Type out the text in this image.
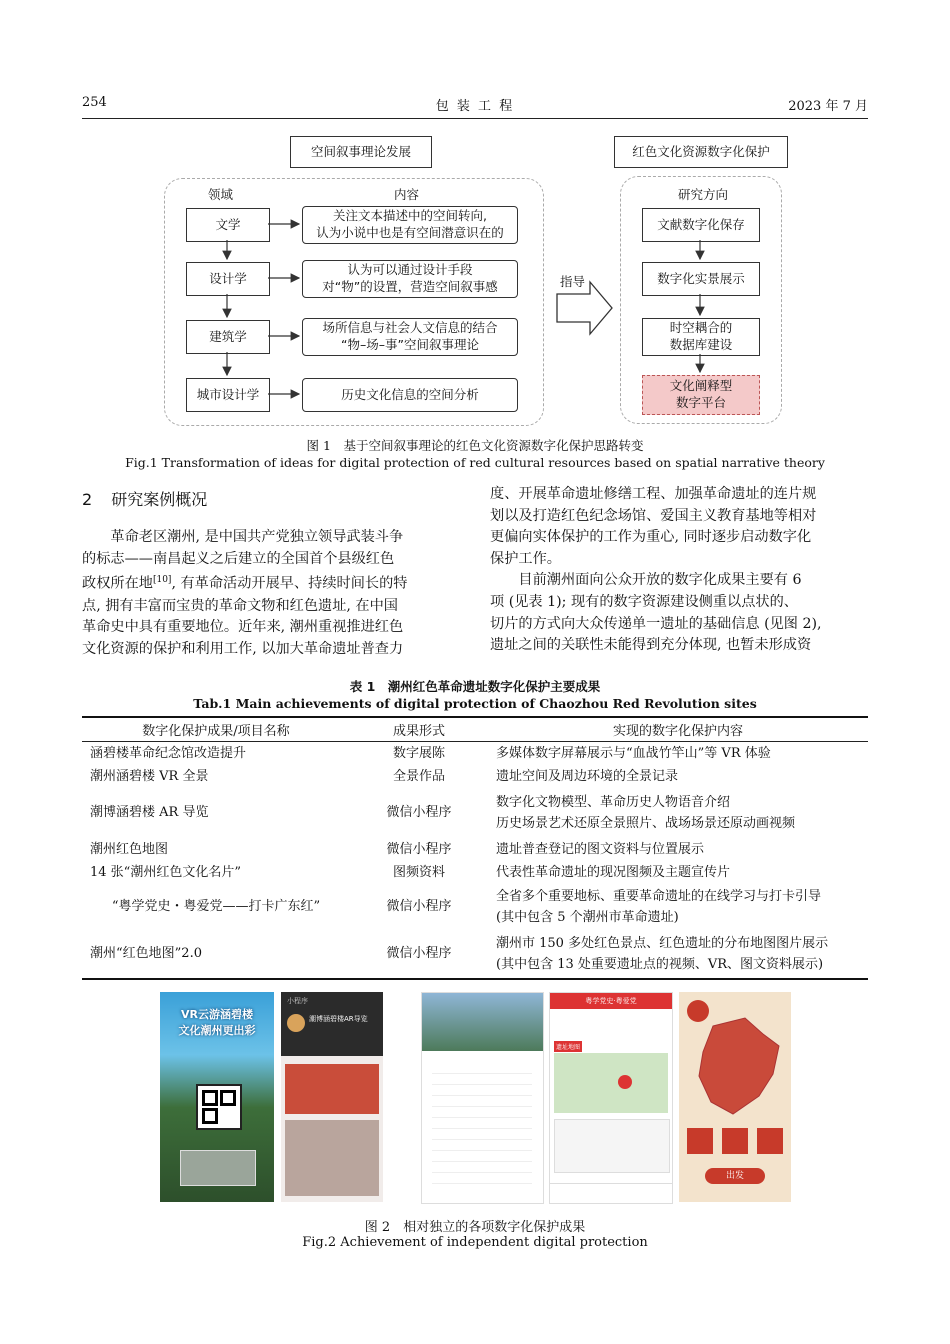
254	包 装 工 程	2023 年 7 月
空间叙事理论发展	红色文化资源数字化保护
领域	内容	研究方向
文学
设计学
建筑学
城市设计学
关注文本描述中的空间转向,
认为小说中也是有空间潜意识在的
认为可以通过设计手段
对“物”的设置，营造空间叙事感
场所信息与社会人文信息的结合
“物–场–事”空间叙事理论
历史文化信息的空间分析
文献数字化保存
数字化实景展示
时空耦合的
数据库建设
文化阐释型
数字平台
指导
图 1　基于空间叙事理论的红色文化资源数字化保护思路转变
Fig.1 Transformation of ideas for digital protection of red cultural resources based on spatial narrative theory
2 研究案例概况
　　革命老区潮州, 是中国共产党独立领导武装斗争
的标志——南昌起义之后建立的全国首个县级红色
政权所在地[10], 有革命活动开展早、持续时间长的特
点, 拥有丰富而宝贵的革命文物和红色遗址, 在中国
革命史中具有重要地位。近年来, 潮州重视推进红色
文化资源的保护和利用工作, 以加大革命遗址普查力
度、开展革命遗址修缮工程、加强革命遗址的连片规
划以及打造红色纪念场馆、爱国主义教育基地等相对
更偏向实体保护的工作为重心, 同时逐步启动数字化
保护工作。
　　目前潮州面向公众开放的数字化成果主要有 6
项 (见表 1); 现有的数字资源建设侧重以点状的、
切片的方式向大众传递单一遗址的基础信息 (见图 2),
遗址之间的关联性未能得到充分体现, 也暂未形成资
表 1　潮州红色革命遗址数字化保护主要成果
Tab.1 Main achievements of digital protection of Chaozhou Red Revolution sites
数字化保护成果/项目名称	成果形式	实现的数字化保护内容
涵碧楼革命纪念馆改造提升	数字展陈	多媒体数字屏幕展示与“血战竹竿山”等 VR 体验
潮州涵碧楼 VR 全景	全景作品	遗址空间及周边环境的全景记录
潮博涵碧楼 AR 导览	微信小程序	数字化文物模型、革命历史人物语音介绍
历史场景艺术还原全景照片、战场场景还原动画视频

潮州红色地图	微信小程序	遗址普查登记的图文资料与位置展示
14 张“潮州红色文化名片”	图频资料	代表性革命遗址的现况图频及主题宣传片
“粤学党史・粤爱党——打卡广东红”	微信小程序	全省多个重要地标、重要革命遗址的在线学习与打卡引导
(其中包含 5 个潮州市革命遗址)

潮州“红色地图”2.0	微信小程序	潮州市 150 多处红色景点、红色遗址的分布地图图片展示
(其中包含 13 处重要遗址点的视频、VR、图文资料展示)
VR云游涵碧楼
文化潮州更出彩
小程序
潮博涵碧楼AR导览
粤学党史·粤爱党
遗址地图
出发
图 2　相对独立的各项数字化保护成果
Fig.2 Achievement of independent digital protection
